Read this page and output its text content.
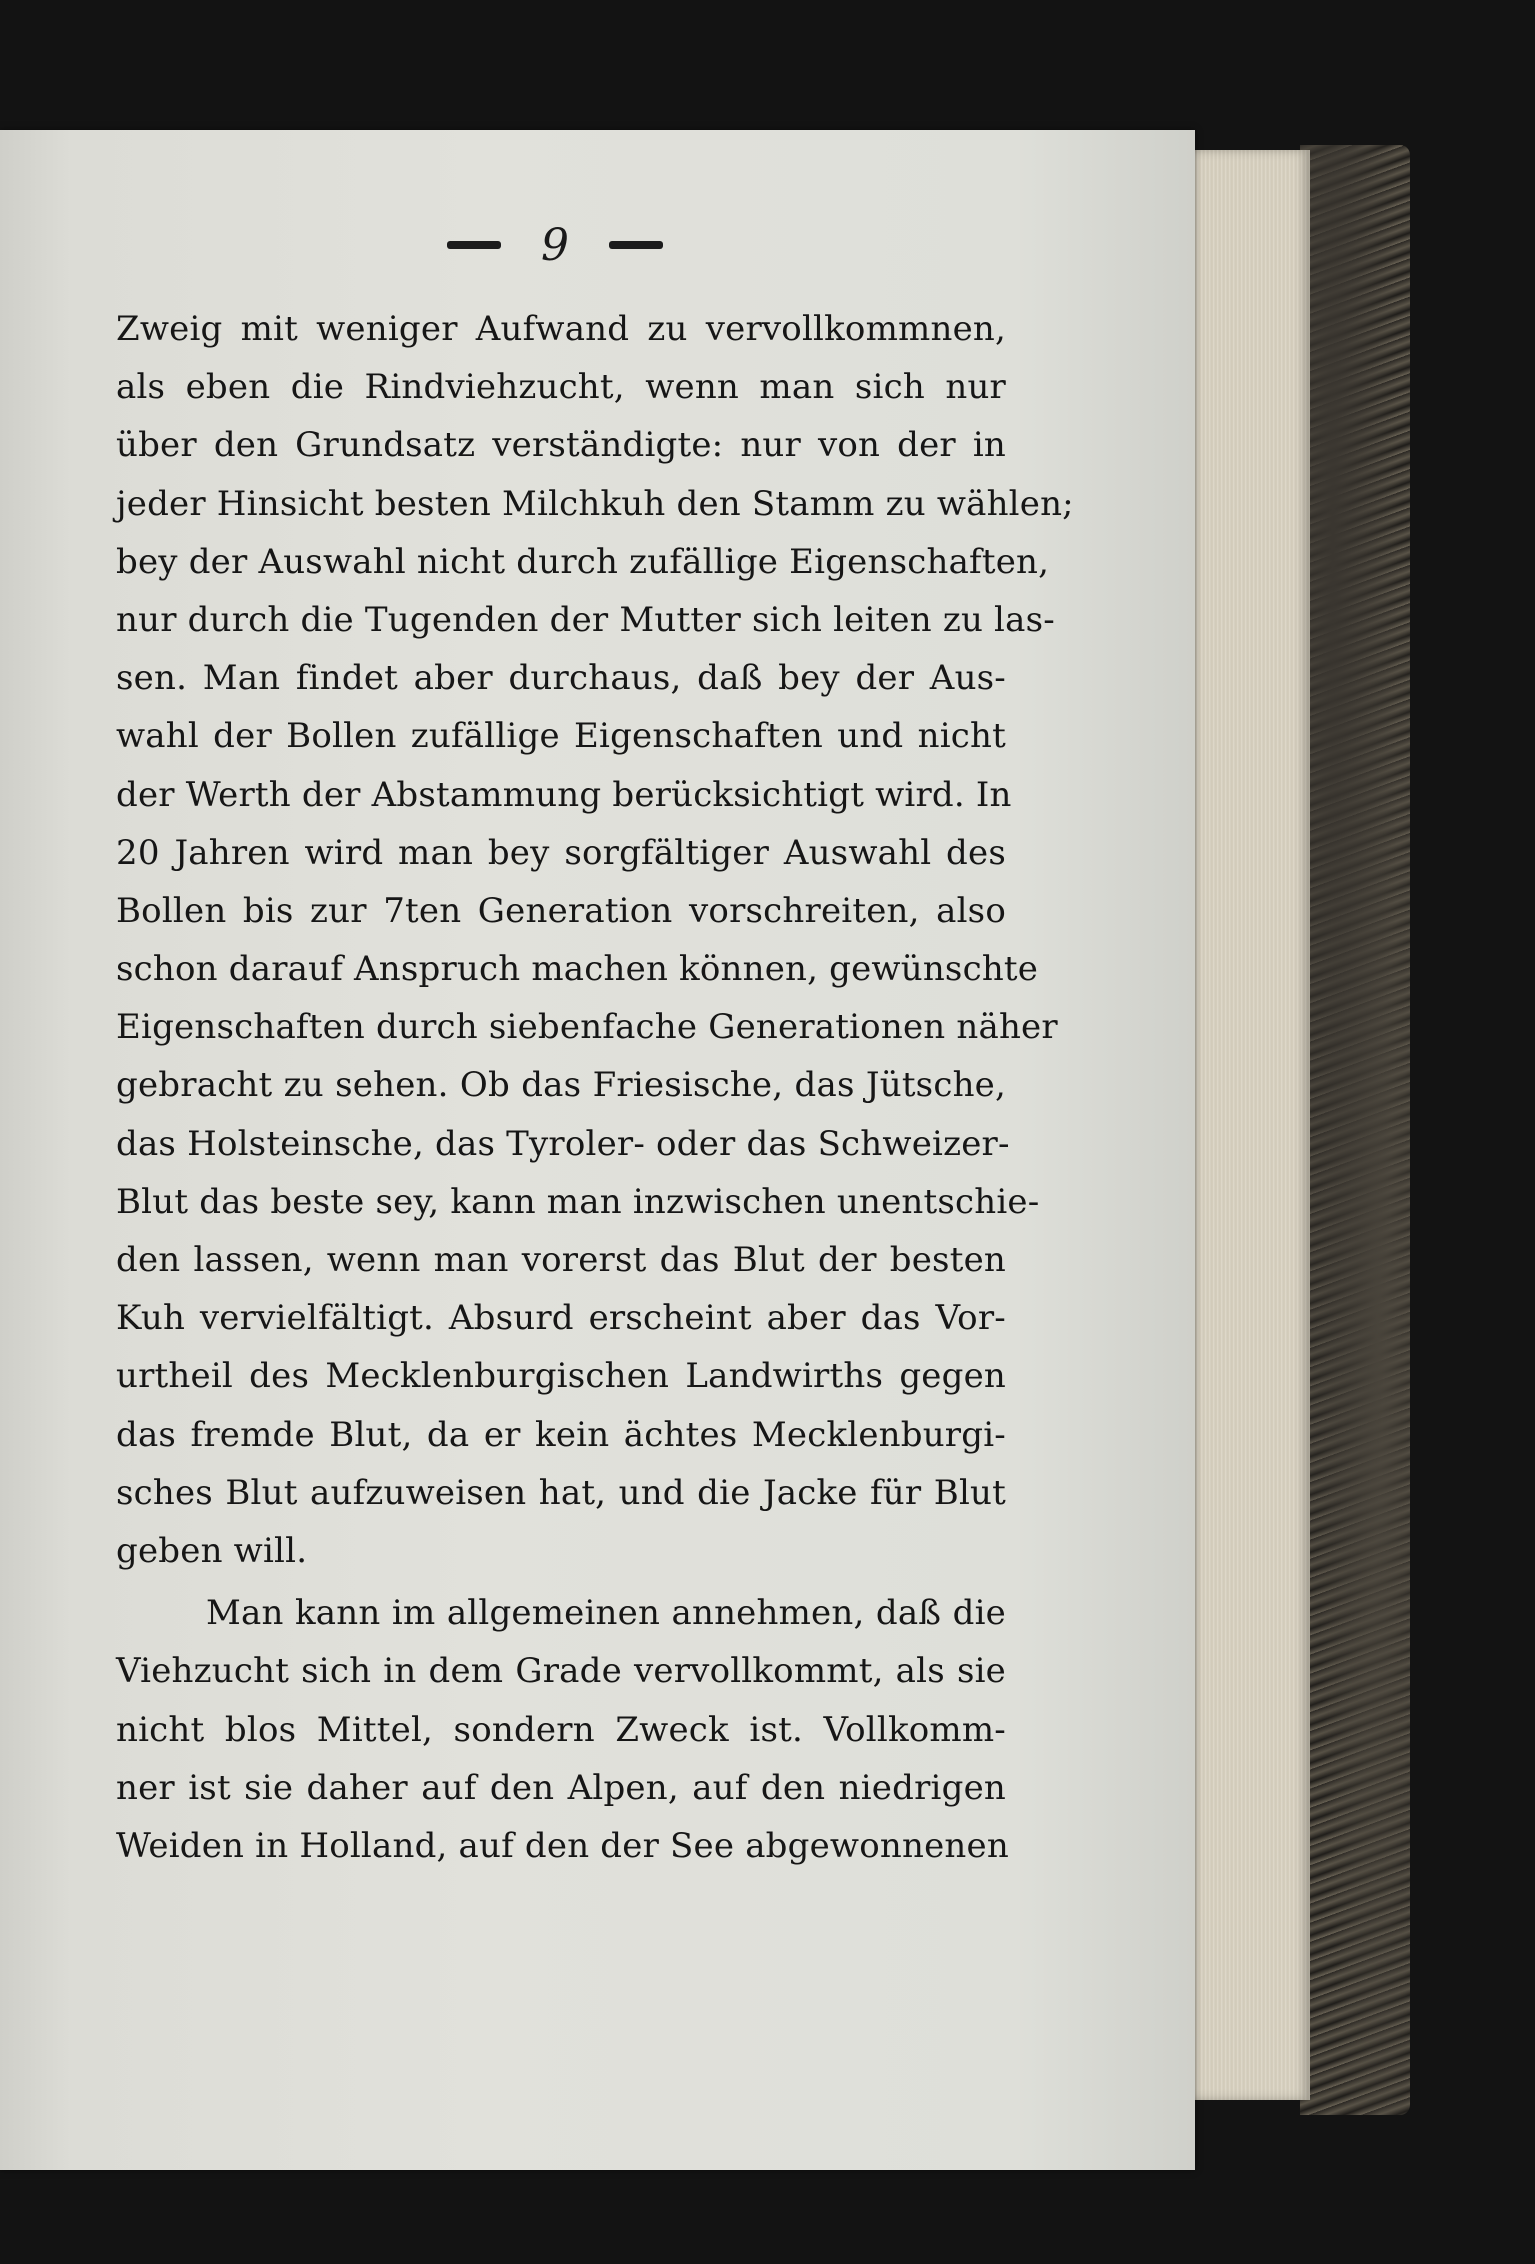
9
Zweig mit weniger Aufwand zu vervollkommnen,
als eben die Rindviehzucht, wenn man sich nur
über den Grundsatz verständigte: nur von der in
jeder Hinsicht besten Milchkuh den Stamm zu wählen;
bey der Auswahl nicht durch zufällige Eigenschaften,
nur durch die Tugenden der Mutter sich leiten zu las-
sen. Man findet aber durchaus, daß bey der Aus-
wahl der Bollen zufällige Eigenschaften und nicht
der Werth der Abstammung berücksichtigt wird. In
20 Jahren wird man bey sorgfältiger Auswahl des
Bollen bis zur 7ten Generation vorschreiten, also
schon darauf Anspruch machen können, gewünschte
Eigenschaften durch siebenfache Generationen näher
gebracht zu sehen. Ob das Friesische, das Jütsche,
das Holsteinsche, das Tyroler- oder das Schweizer-
Blut das beste sey, kann man inzwischen unentschie-
den lassen, wenn man vorerst das Blut der besten
Kuh vervielfältigt. Absurd erscheint aber das Vor-
urtheil des Mecklenburgischen Landwirths gegen
das fremde Blut, da er kein ächtes Mecklenburgi-
sches Blut aufzuweisen hat, und die Jacke für Blut
geben will.
Man kann im allgemeinen annehmen, daß die
Viehzucht sich in dem Grade vervollkommt, als sie
nicht blos Mittel, sondern Zweck ist. Vollkomm-
ner ist sie daher auf den Alpen, auf den niedrigen
Weiden in Holland, auf den der See abgewonnenen
